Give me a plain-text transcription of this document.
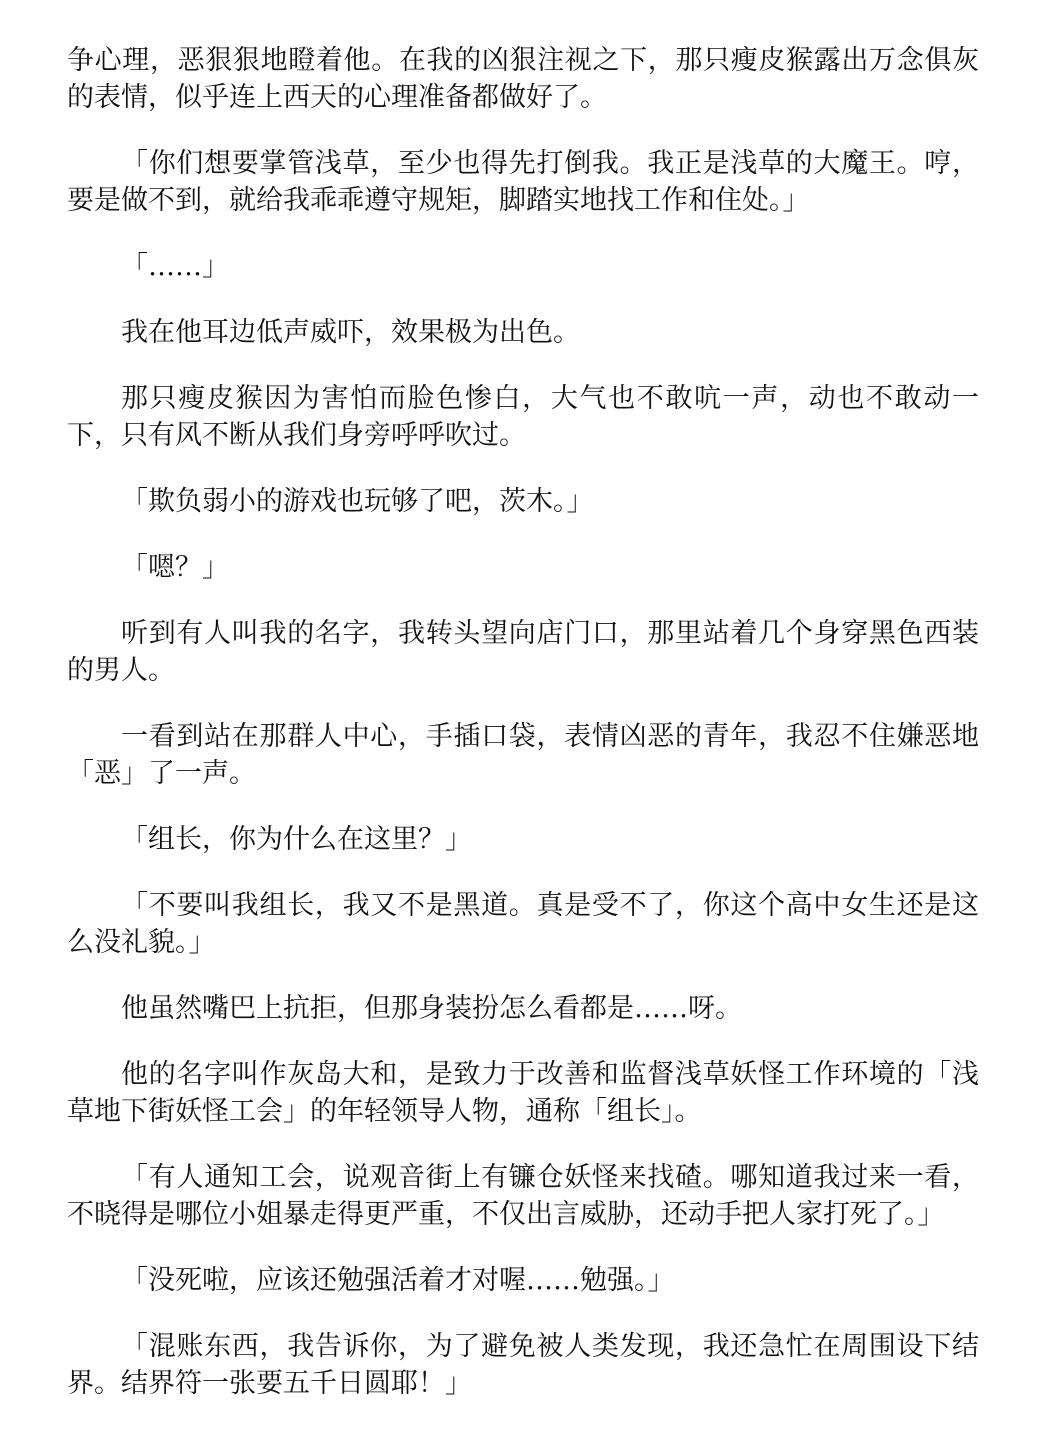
争心理，恶狠狠地瞪着他。在我的凶狠注视之下，那只瘦皮猴露出万念俱灰的表情，似乎连上西天的心理准备都做好了。

「你们想要掌管浅草，至少也得先打倒我。我正是浅草的大魔王。哼，要是做不到，就给我乖乖遵守规矩，脚踏实地找工作和住处。」

「……」

我在他耳边低声威吓，效果极为出色。

那只瘦皮猴因为害怕而脸色惨白，大气也不敢吭一声，动也不敢动一下，只有风不断从我们身旁呼呼吹过。

「欺负弱小的游戏也玩够了吧，茨木。」

「嗯？」

听到有人叫我的名字，我转头望向店门口，那里站着几个身穿黑色西装的男人。

一看到站在那群人中心，手插口袋，表情凶恶的青年，我忍不住嫌恶地「恶」了一声。

「组长，你为什么在这里？」

「不要叫我组长，我又不是黑道。真是受不了，你这个高中女生还是这么没礼貌。」

他虽然嘴巴上抗拒，但那身装扮怎么看都是……呀。

他的名字叫作灰岛大和，是致力于改善和监督浅草妖怪工作环境的「浅草地下街妖怪工会」的年轻领导人物，通称「组长」。

「有人通知工会，说观音街上有镰仓妖怪来找碴。哪知道我过来一看，不晓得是哪位小姐暴走得更严重，不仅出言威胁，还动手把人家打死了。」

「没死啦，应该还勉强活着才对喔……勉强。」

「混账东西，我告诉你，为了避免被人类发现，我还急忙在周围设下结界。结界符一张要五千日圆耶！」
